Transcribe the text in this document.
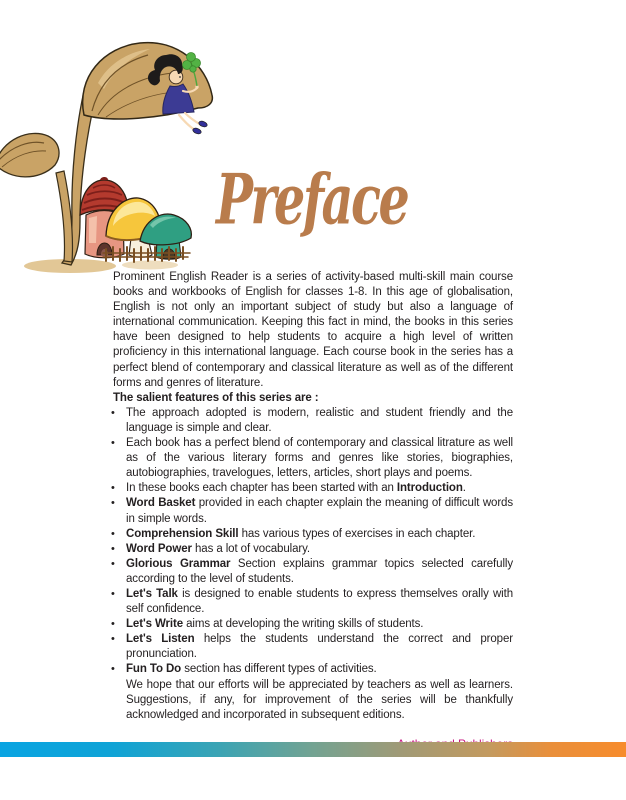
Preface
Prominent English Reader is a series of activity-based multi-skill main course books and workbooks of English for classes 1-8. In this age of globalisation, English is not only an important subject of study but also a language of international communication. Keeping this fact in mind, the books in this series have been designed to help students to acquire a high level of written proficiency in this international language. Each course book in the series has a perfect blend of contemporary and classical literature as well as of the different forms and genres of literature.
The salient features of this series are :
• The approach adopted is modern, realistic and student friendly and the language is simple and clear.
• Each book has a perfect blend of contemporary and classical litrature as well as of the various literary forms and genres like stories, biographies, autobiographies, travelogues, letters, articles, short plays and poems.
• In these books each chapter has been started with an Introduction.
• Word Basket provided in each chapter explain the meaning of difficult words in simple words.
• Comprehension Skill has various types of exercises in each chapter.
• Word Power has a lot of vocabulary.
• Glorious Grammar Section explains grammar topics selected carefully according to the level of students.
• Let's Talk is designed to enable students to express themselves orally with self confidence.
• Let's Write aims at developing the writing skills of students.
• Let's Listen helps the students understand the correct and proper pronunciation.
• Fun To Do section has different types of activities.
We hope that our efforts will be appreciated by teachers as well as learners. Suggestions, if any, for improvement of the series will be thankfully acknowledged and incorporated in subsequent editions.
